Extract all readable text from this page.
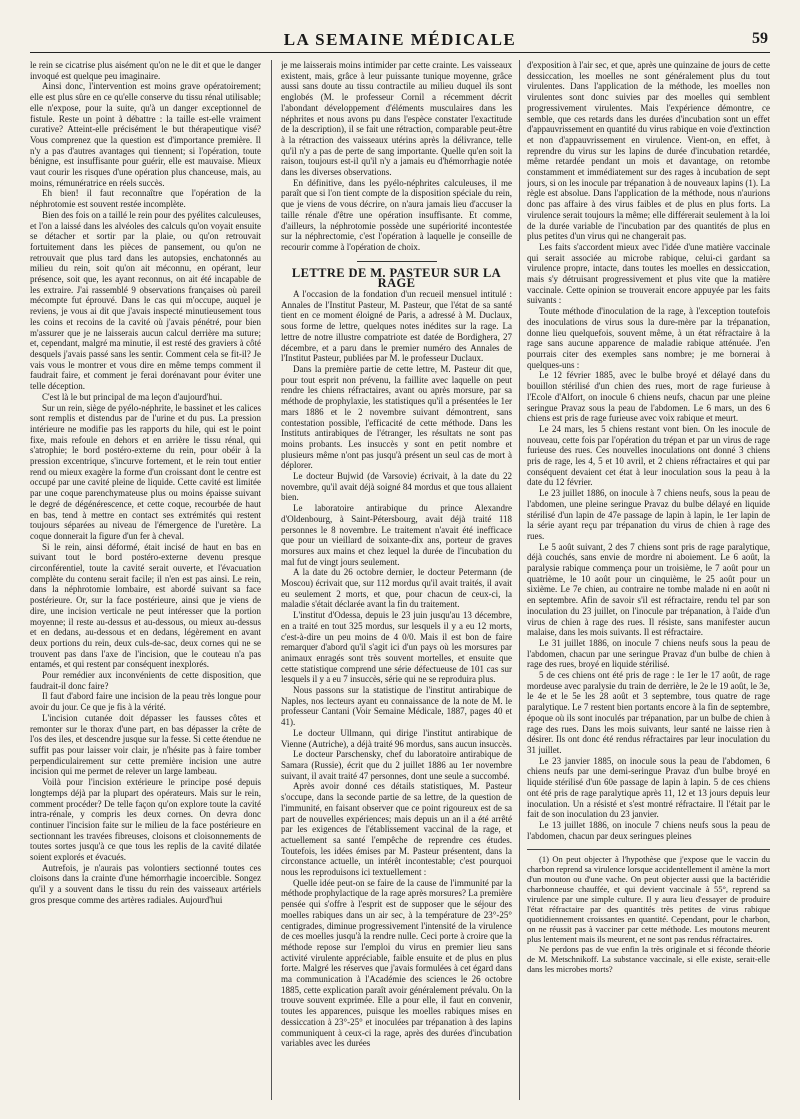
LA SEMAINE MÉDICALE	59

le rein se cicatrise plus aisément qu'on ne le dit et que le danger invoqué est quelque peu imaginaire.

Ainsi donc, l'intervention est moins grave opératoirement; elle est plus sûre en ce qu'elle conserve du tissu rénal utilisable; elle n'expose, pour la suite, qu'à un danger exceptionnel de fistule. Reste un point à débattre : la taille est-elle vraiment curative? Atteint-elle précisément le but thérapeutique visé? Vous comprenez que la question est d'importance première. Il n'y a pas d'autres avantages qui tiennent; si l'opération, toute bénigne, est insuffisante pour guérir, elle est mauvaise. Mieux vaut courir les risques d'une opération plus chanceuse, mais, au moins, rémunératrice en réels succès.

Eh bien! il faut reconnaître que l'opération de la néphrotomie est souvent restée incomplète.

Bien des fois on a taillé le rein pour des pyélites calculeuses, et l'on a laissé dans les alvéoles des calculs qu'on voyait ensuite se détacher et sortir par la plaie, ou qu'on retrouvait fortuitement dans les pièces de pansement, ou qu'on ne retrouvait que plus tard dans les autopsies, enchatonnés au milieu du rein, soit qu'on ait méconnu, en opérant, leur présence, soit que, les ayant reconnus, on ait été incapable de les extraire. J'ai rassemblé 9 observations françaises où pareil mécompte fut éprouvé. Dans le cas qui m'occupe, auquel je reviens, je vous ai dit que j'avais inspecté minutieusement tous les coins et recoins de la cavité où j'avais pénétré, pour bien m'assurer que je ne laisserais aucun calcul derrière ma suture; et, cependant, malgré ma minutie, il est resté des graviers à côté desquels j'avais passé sans les sentir. Comment cela se fit-il? Je vais vous le montrer et vous dire en même temps comment il faudrait faire, et comment je ferai dorénavant pour éviter une telle déception.

C'est là le but principal de ma leçon d'aujourd'hui.

Sur un rein, siège de pyélo-néphrite, le bassinet et les calices sont remplis et distendus par de l'urine et du pus. La pression intérieure ne modifie pas les rapports du hile, qui est le point fixe, mais refoule en dehors et en arrière le tissu rénal, qui s'atrophie; le bord postéro-externe du rein, pour obéir à la pression excentrique, s'incurve fortement, et le rein tout entier rend ou mieux exagère la forme d'un croissant dont le centre est occupé par une cavité pleine de liquide. Cette cavité est limitée par une coque parenchymateuse plus ou moins épaisse suivant le degré de dégénérescence, et cette coque, recourbée de haut en bas, tend à mettre en contact ses extrémités qui restent toujours séparées au niveau de l'émergence de l'uretère. La coque donnerait la figure d'un fer à cheval.

Si le rein, ainsi déformé, était incisé de haut en bas en suivant tout le bord postéro-externe devenu presque circonférentiel, toute la cavité serait ouverte, et l'évacuation complète du contenu serait facile; il n'en est pas ainsi. Le rein, dans la néphrotomie lombaire, est abordé suivant sa face postérieure. Or, sur la face postérieure, ainsi que je viens de dire, une incision verticale ne peut intéresser que la portion moyenne; il reste au-dessus et au-dessous, ou mieux au-dessus et en dedans, au-dessous et en dedans, légèrement en avant deux portions du rein, deux culs-de-sac, deux cornes qui ne se trouvent pas dans l'axe de l'incision, que le couteau n'a pas entamés, et qui restent par conséquent inexplorés.

Pour remédier aux inconvénients de cette disposition, que faudrait-il donc faire?

Il faut d'abord faire une incision de la peau très longue pour avoir du jour. Ce que je fis à la vérité.

L'incision cutanée doit dépasser les fausses côtes et remonter sur le thorax d'une part, en bas dépasser la crête de l'os des iles, et descendre jusque sur la fesse. Si cette étendue ne suffit pas pour laisser voir clair, je n'hésite pas à faire tomber perpendiculairement sur cette première incision une autre incision qui me permet de relever un large lambeau.

Voilà pour l'incision extérieure le principe posé depuis longtemps déjà par la plupart des opérateurs. Mais sur le rein, comment procéder? De telle façon qu'on explore toute la cavité intra-rénale, y compris les deux cornes. On devra donc continuer l'incision faite sur le milieu de la face postérieure en sectionnant les travées fibreuses, cloisons et cloisonnements de toutes sortes jusqu'à ce que tous les replis de la cavité dilatée soient explorés et évacués.

Autrefois, je n'aurais pas volontiers sectionné toutes ces cloisons dans la crainte d'une hémorrhagie incoercible. Songez qu'il y a souvent dans le tissu du rein des vaisseaux artériels gros presque comme des artères radiales. Aujourd'hui

je me laisserais moins intimider par cette crainte. Les vaisseaux existent, mais, grâce à leur puissante tunique moyenne, grâce aussi sans doute au tissu contractile au milieu duquel ils sont englobés (M. le professeur Cornil a récemment décrit l'abondant développement d'éléments musculaires dans les néphrites et nous avons pu dans l'espèce constater l'exactitude de la description), il se fait une rétraction, comparable peut-être à la rétraction des vaisseaux utérins après la délivrance, telle qu'il n'y a pas de perte de sang importante. Quelle qu'en soit la raison, toujours est-il qu'il n'y a jamais eu d'hémorrhagie notée dans les diverses observations.

En définitive, dans les pyélo-néphrites calculeuses, il me paraît que si l'on tient compte de la disposition spéciale du rein, que je viens de vous décrire, on n'aura jamais lieu d'accuser la taille rénale d'être une opération insuffisante. Et comme, d'ailleurs, la néphrotomie possède une supériorité incontestée sur la néphrectomie, c'est l'opération à laquelle je conseille de recourir comme à l'opération de choix.

LETTRE DE M. PASTEUR SUR LA RAGE

A l'occasion de la fondation d'un recueil mensuel intitulé : Annales de l'Institut Pasteur, M. Pasteur, que l'état de sa santé tient en ce moment éloigné de Paris, a adressé à M. Duclaux, sous forme de lettre, quelques notes inédites sur la rage. La lettre de notre illustre compatriote est datée de Bordighera, 27 décembre, et a paru dans le premier numéro des Annales de l'Institut Pasteur, publiées par M. le professeur Duclaux.

Dans la première partie de cette lettre, M. Pasteur dit que, pour tout esprit non prévenu, la faillite avec laquelle on peut rendre les chiens réfractaires, avant ou après morsure, par sa méthode de prophylaxie, les statistiques qu'il a présentées le 1er mars 1886 et le 2 novembre suivant démontrent, sans contestation possible, l'efficacité de cette méthode. Dans les Instituts antirabiques de l'étranger, les résultats ne sont pas moins probants. Les insuccès y sont en petit nombre et plusieurs même n'ont pas jusqu'à présent un seul cas de mort à déplorer.

Le docteur Bujwid (de Varsovie) écrivait, à la date du 22 novembre, qu'il avait déjà soigné 84 mordus et que tous allaient bien.

Le laboratoire antirabique du prince Alexandre d'Oldenbourg, à Saint-Pétersbourg, avait déjà traité 118 personnes le 8 novembre. Le traitement n'avait été inefficace que pour un vieillard de soixante-dix ans, porteur de graves morsures aux mains et chez lequel la durée de l'incubation du mal fut de vingt jours seulement.

A la date du 26 octobre dernier, le docteur Petermann (de Moscou) écrivait que, sur 112 mordus qu'il avait traités, il avait eu seulement 2 morts, et que, pour chacun de ceux-ci, la maladie s'était déclarée avant la fin du traitement.

L'institut d'Odessa, depuis le 23 juin jusqu'au 13 décembre, en a traité en tout 325 mordus, sur lesquels il y a eu 12 morts, c'est-à-dire un peu moins de 4 0/0. Mais il est bon de faire remarquer d'abord qu'il s'agit ici d'un pays où les morsures par animaux enragés sont très souvent mortelles, et ensuite que cette statistique comprend une série défectueuse de 101 cas sur lesquels il y a eu 7 insuccès, série qui ne se reproduira plus.

Nous passons sur la statistique de l'institut antirabique de Naples, nos lecteurs ayant eu connaissance de la note de M. le professeur Cantani (Voir Semaine Médicale, 1887, pages 40 et 41).

Le docteur Ullmann, qui dirige l'institut antirabique de Vienne (Autriche), a déjà traité 96 mordus, sans aucun insuccès.

Le docteur Parschensky, chef du laboratoire antirabique de Samara (Russie), écrit que du 2 juillet 1886 au 1er novembre suivant, il avait traité 47 personnes, dont une seule a succombé.

Après avoir donné ces détails statistiques, M. Pasteur s'occupe, dans la seconde partie de sa lettre, de la question de l'immunité, en faisant observer que ce point rigoureux est de sa part de nouvelles expériences; mais depuis un an il a été arrêté par les exigences de l'établissement vaccinal de la rage, et actuellement sa santé l'empêche de reprendre ces études. Toutefois, les idées émises par M. Pasteur présentent, dans la circonstance actuelle, un intérêt incontestable; c'est pourquoi nous les reproduisons ici textuellement :

Quelle idée peut-on se faire de la cause de l'immunité par la méthode prophylactique de la rage après morsures? La première pensée qui s'offre à l'esprit est de supposer que le séjour des moelles rabiques dans un air sec, à la température de 23°-25° centigrades, diminue progressivement l'intensité de la virulence de ces moelles jusqu'à la rendre nulle. Ceci porte à croire que la méthode repose sur l'emploi du virus en premier lieu sans activité virulente appréciable, faible ensuite et de plus en plus forte. Malgré les réserves que j'avais formulées à cet égard dans ma communication à l'Académie des sciences le 26 octobre 1885, cette explication paraît avoir généralement prévalu. On la trouve souvent exprimée. Elle a pour elle, il faut en convenir, toutes les apparences, puisque les moelles rabiques mises en dessiccation à 23°-25° et inoculées par trépanation à des lapins communiquent à ceux-ci la rage, après des durées d'incubation variables avec les durées

d'exposition à l'air sec, et que, après une quinzaine de jours de cette dessiccation, les moelles ne sont généralement plus du tout virulentes. Dans l'application de la méthode, les moelles non virulentes sont donc suivies par des moelles qui semblent progressivement virulentes. Mais l'expérience démontre, ce semble, que ces retards dans les durées d'incubation sont un effet d'appauvrissement en quantité du virus rabique en voie d'extinction et non d'appauvrissement en virulence. Vient-on, en effet, à reprendre du virus sur les lapins de durée d'incubation retardée, même retardée pendant un mois et davantage, on retombe constamment et immédiatement sur des rages à incubation de sept jours, si on les inocule par trépanation à de nouveaux lapins (1). La règle est absolue. Dans l'application de la méthode, nous n'aurions donc pas affaire à des virus faibles et de plus en plus forts. La virulence serait toujours la même; elle différerait seulement à la loi de la durée variable de l'incubation par des quantités de plus en plus petites d'un virus qui ne changerait pas.

Les faits s'accordent mieux avec l'idée d'une matière vaccinale qui serait associée au microbe rabique, celui-ci gardant sa virulence propre, intacte, dans toutes les moelles en dessiccation, mais s'y détruisant progressivement et plus vite que la matière vaccinale. Cette opinion se trouverait encore appuyée par les faits suivants :

Toute méthode d'inoculation de la rage, à l'exception toutefois des inoculations de virus sous la dure-mère par la trépanation, donne lieu quelquefois, souvent même, à un état réfractaire à la rage sans aucune apparence de maladie rabique atténuée. J'en pourrais citer des exemples sans nombre; je me bornerai à quelques-uns :

Le 12 février 1885, avec le bulbe broyé et délayé dans du bouillon stérilisé d'un chien des rues, mort de rage furieuse à l'Ecole d'Alfort, on inocule 6 chiens neufs, chacun par une pleine seringue Pravaz sous la peau de l'abdomen. Le 6 mars, un des 6 chiens est pris de rage furieuse avec voix rabique et meurt.

Le 24 mars, les 5 chiens restant vont bien. On les inocule de nouveau, cette fois par l'opération du trépan et par un virus de rage furieuse des rues. Ces nouvelles inoculations ont donné 3 chiens pris de rage, les 4, 5 et 10 avril, et 2 chiens réfractaires et qui par conséquent devaient cet état à leur inoculation sous la peau à la date du 12 février.

Le 23 juillet 1886, on inocule à 7 chiens neufs, sous la peau de l'abdomen, une pleine seringue Pravaz du bulbe délayé en liquide stérilisé d'un lapin de 47e passage de lapin à lapin, le 1er lapin de la série ayant reçu par trépanation du virus de chien à rage des rues.

Le 5 août suivant, 2 des 7 chiens sont pris de rage paralytique, déjà couchés, sans envie de mordre ni aboiement. Le 6 août, la paralysie rabique commença pour un troisième, le 7 août pour un quatrième, le 10 août pour un cinquième, le 25 août pour un sixième. Le 7e chien, au contraire ne tombe malade ni en août ni en septembre. Afin de savoir s'il est réfractaire, rendu tel par son inoculation du 23 juillet, on l'inocule par trépanation, à l'aide d'un virus de chien à rage des rues. Il résiste, sans manifester aucun malaise, dans les mois suivants. Il est réfractaire.

Le 31 juillet 1886, on inocule 7 chiens neufs sous la peau de l'abdomen, chacun par une seringue Pravaz d'un bulbe de chien à rage des rues, broyé en liquide stérilisé.

5 de ces chiens ont été pris de rage : le 1er le 17 août, de rage mordeuse avec paralysie du train de derrière, le 2e le 19 août, le 3e, le 4e et le 5e les 28 août et 3 septembre, tous quatre de rage paralytique. Le 7 restent bien portants encore à la fin de septembre, époque où ils sont inoculés par trépanation, par un bulbe de chien à rage des rues. Dans les mois suivants, leur santé ne laisse rien à désirer. Ils ont donc été rendus réfractaires par leur inoculation du 31 juillet.

Le 23 janvier 1885, on inocule sous la peau de l'abdomen, 6 chiens neufs par une demi-seringue Pravaz d'un bulbe broyé en liquide stérilisé d'un 60e passage de lapin à lapin. 5 de ces chiens ont été pris de rage paralytique après 11, 12 et 13 jours depuis leur inoculation. Un a résisté et s'est montré réfractaire. Il l'était par le fait de son inoculation du 23 janvier.

Le 13 juillet 1886, on inocule 7 chiens neufs sous la peau de l'abdomen, chacun par deux seringues pleines

(1) On peut objecter à l'hypothèse que j'expose que le vaccin du charbon reprend sa virulence lorsque accidentellement il amène la mort d'un mouton ou d'une vache. On peut objecter aussi que la bactéridie charbonneuse chauffée, et qui devient vaccinale à 55°, reprend sa virulence par une simple culture. Il y aura lieu d'essayer de produire l'état réfractaire par des quantités très petites de virus rabique quotidiennement croissantes en quantité. Cependant, pour le charbon, on ne réussit pas à vacciner par cette méthode. Les moutons meurent plus lentement mais ils meurent, et ne sont pas rendus réfractaires.

Ne perdons pas de vue enfin la très originale et si féconde théorie de M. Metschnikoff. La substance vaccinale, si elle existe, serait-elle dans les microbes morts?
